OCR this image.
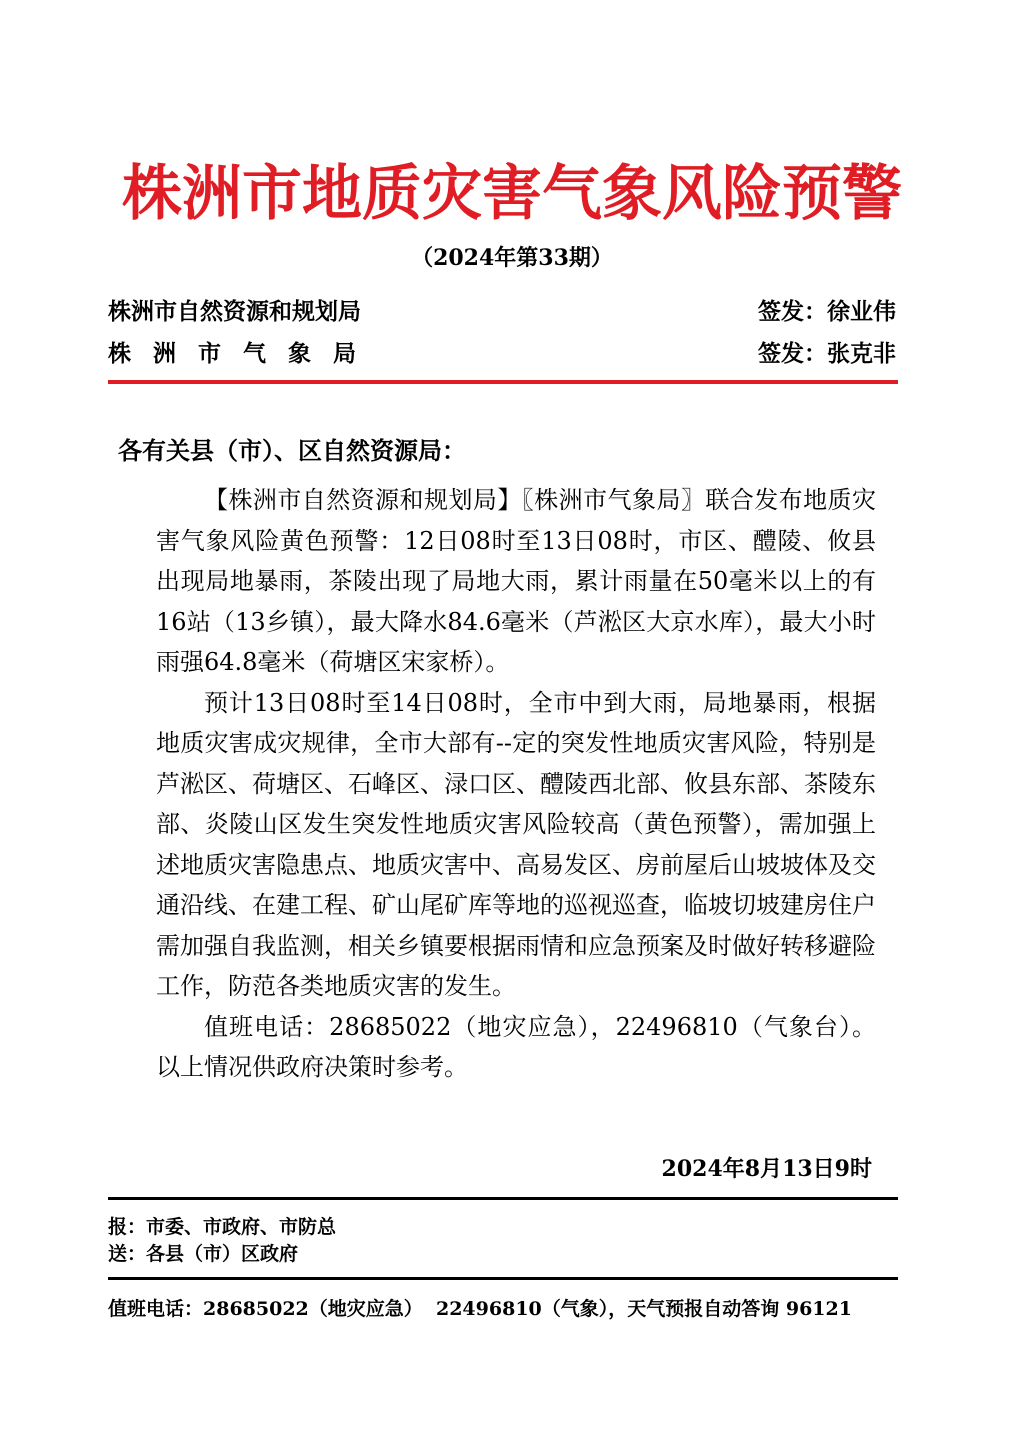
株洲市地质灾害气象风险预警
（2024年第33期）
株洲市自然资源和规划局	签发：徐业伟
株洲市气象局	签发：张克非
各有关县（市）、区自然资源局：

【株洲市自然资源和规划局】〖株洲市气象局〗联合发布地质灾害气象风险黄色预警：12日08时至13日08时，市区、醴陵、攸县出现局地暴雨，茶陵出现了局地大雨，累计雨量在50毫米以上的有16站（13乡镇），最大降水84.6毫米（芦淞区大京水库），最大小时雨强64.8毫米（荷塘区宋家桥）。

预计13日08时至14日08时，全市中到大雨，局地暴雨，根据地质灾害成灾规律，全市大部有--定的突发性地质灾害风险，特别是芦淞区、荷塘区、石峰区、渌口区、醴陵西北部、攸县东部、茶陵东部、炎陵山区发生突发性地质灾害风险较高（黄色预警），需加强上述地质灾害隐患点、地质灾害中、高易发区、房前屋后山坡坡体及交通沿线、在建工程、矿山尾矿库等地的巡视巡查，临坡切坡建房住户需加强自我监测，相关乡镇要根据雨情和应急预案及时做好转移避险工作，防范各类地质灾害的发生。

值班电话：28685022（地灾应急），22496810（气象台）。以上情况供政府决策时参考。

2024年8月13日9时
报：市委、市政府、市防总
送：各县（市）区政府
值班电话：28685022（地灾应急）  22496810（气象），天气预报自动答询 96121
